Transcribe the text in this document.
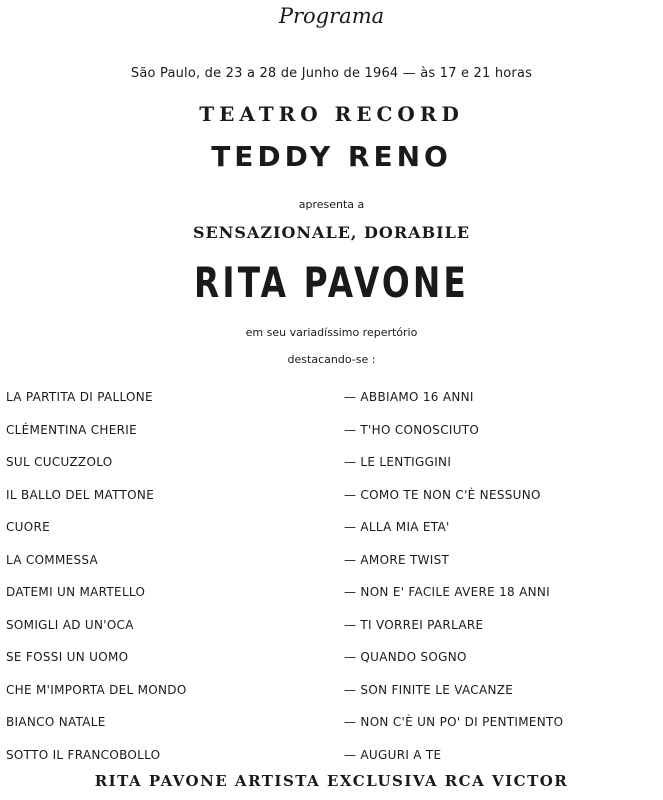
Programa
São Paulo, de 23 a 28 de Junho de 1964 — às 17 e 21 horas
TEATRO RECORD
TEDDY RENO
apresenta a
SENSAZIONALE, DORABILE
RITA PAVONE
em seu variadíssimo repertório
destacando-se :
LA PARTITA DI PALLONE	— ABBIAMO 16 ANNI
CLÉMENTINA CHERIE	— T'HO CONOSCIUTO
SUL CUCUZZOLO	— LE LENTIGGINI
IL BALLO DEL MATTONE	— COMO TE NON C'È NESSUNO
CUORE	— ALLA MIA ETA'
LA COMMESSA	— AMORE TWIST
DATEMI UN MARTELLO	— NON E' FACILE AVERE 18 ANNI
SOMIGLI AD UN'OCA	— TI VORREI PARLARE
SE FOSSI UN UOMO	— QUANDO SOGNO
CHE M'IMPORTA DEL MONDO	— SON FINITE LE VACANZE
BIANCO NATALE	— NON C'È UN PO' DI PENTIMENTO
SOTTO IL FRANCOBOLLO	— AUGURI A TE
RITA PAVONE ARTISTA EXCLUSIVA RCA VICTOR
